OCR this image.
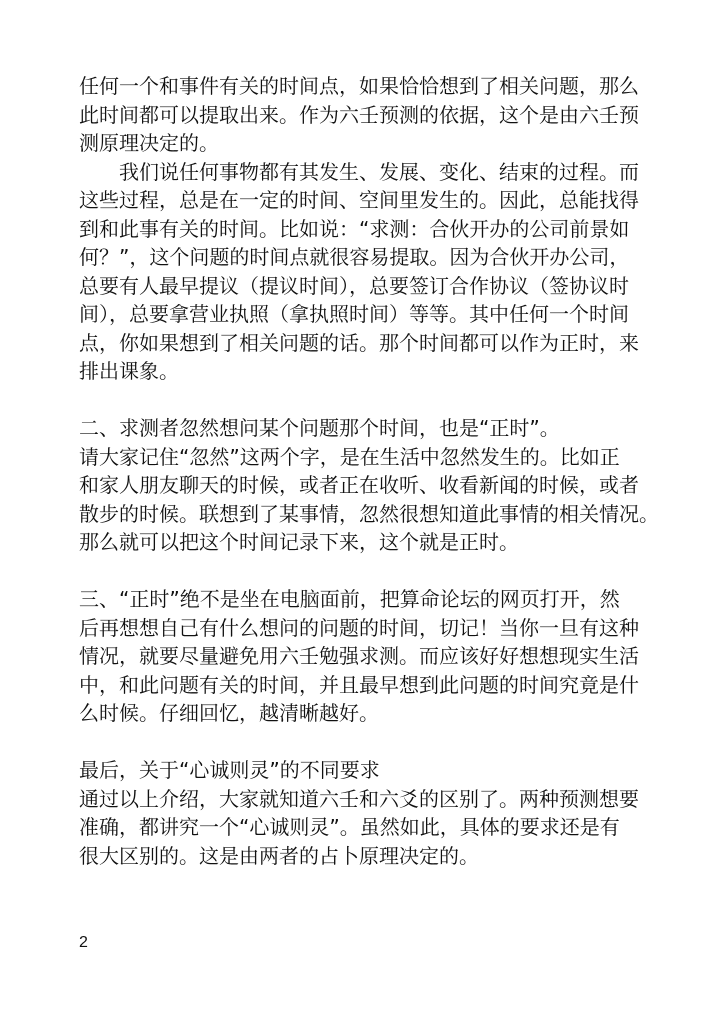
任何一个和事件有关的时间点，如果恰恰想到了相关问题，那么
此时间都可以提取出来。作为六壬预测的依据，这个是由六壬预
测原理决定的。
我们说任何事物都有其发生、发展、变化、结束的过程。而
这些过程，总是在一定的时间、空间里发生的。因此，总能找得
到和此事有关的时间。比如说：“求测：合伙开办的公司前景如
何？”，这个问题的时间点就很容易提取。因为合伙开办公司，
总要有人最早提议（提议时间），总要签订合作协议（签协议时
间），总要拿营业执照（拿执照时间）等等。其中任何一个时间
点，你如果想到了相关问题的话。那个时间都可以作为正时，来
排出课象。
二、求测者忽然想问某个问题那个时间，也是“正时”。
请大家记住“忽然”这两个字，是在生活中忽然发生的。比如正
和家人朋友聊天的时候，或者正在收听、收看新闻的时候，或者
散步的时候。联想到了某事情，忽然很想知道此事情的相关情况。
那么就可以把这个时间记录下来，这个就是正时。
三、“正时”绝不是坐在电脑面前，把算命论坛的网页打开，然
后再想想自己有什么想问的问题的时间，切记！当你一旦有这种
情况，就要尽量避免用六壬勉强求测。而应该好好想想现实生活
中，和此问题有关的时间，并且最早想到此问题的时间究竟是什
么时候。仔细回忆，越清晰越好。
最后，关于“心诚则灵”的不同要求
通过以上介绍，大家就知道六壬和六爻的区别了。两种预测想要
准确，都讲究一个“心诚则灵”。虽然如此，具体的要求还是有
很大区别的。这是由两者的占卜原理决定的。
2
